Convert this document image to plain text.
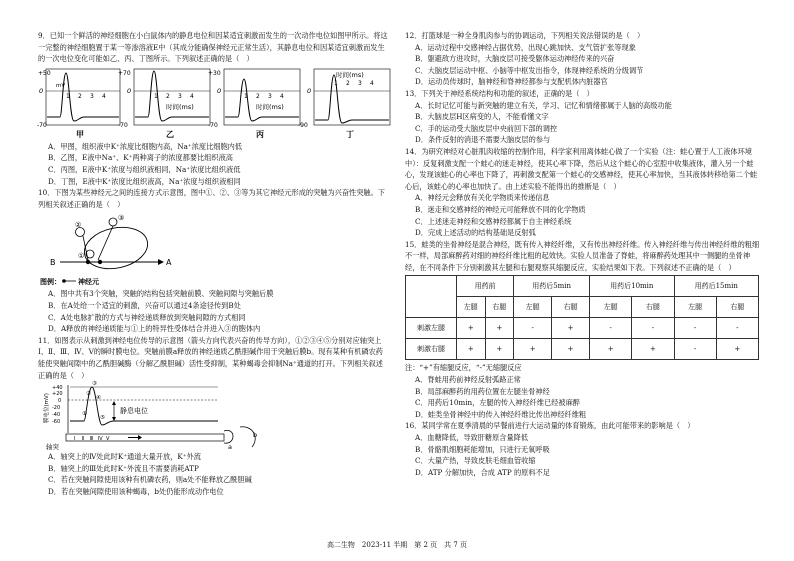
9．已知一个鲜活的神经细胞在小白鼠体内的静息电位和因某适宜刺激而发生的一次动作电位如图甲所示。将这一完整的神经细胞置于某一等渗溶液E中（其成分能确保神经元正常生活），其静息电位和因某适宜刺激而发生的一次电位变化可能如乙、丙、丁图所示。下列叙述正确的是（　）

+50
0
-70
mV
1 2 3 4
甲
+70
0
-70
1 2 3 4
时间(ms)
乙
+30
0
-70
1 2 3 4
时间(ms)
丙
0
-90
1 2 3 4
时间(ms)
丁

A．甲图，组织液中K⁺浓度比细胞内高，Na⁺浓度比细胞内低

B．乙图，E液中Na⁺、K⁺两种离子的浓度都要比组织液高

C．丙图，E液中K⁺浓度与组织液相同，Na⁺浓度比组织液低

D．丁图，E液中K⁺浓度比组织液高，Na⁺浓度与组织液相同

10．下图为某些神经元之间的连接方式示意图，图中①、②、③等为其它神经元形成的突触为兴奋性突触。下列相关叙述正确的是（　）

②
①
③
B	A
图例： 神经元

A．图中共有3个突触，突触的结构包括突触前膜、突触间隙与突触后膜

B．在A处给一个适宜的刺激，兴奋可以通过4条途径传到B处

C．A处电脉扩散的方式与神经递质释放到突触间隙的方式相同

D．A释放的神经递质能与①上的特异性受体结合并进入③的胞体内

11．如图表示从刺激到神经电位传导的示意图（箭头方向代表兴奋的传导方向），①②③④⑤分别对应轴突上Ⅰ、Ⅱ、Ⅲ、Ⅳ、V的瞬时膜电位。突触前膜a释放的神经递质乙酰胆碱作用于突触后膜b。现有某种有机磷农药能使突触间隙中的乙酰胆碱酶（分解乙酰胆碱）活性受抑制，某种蝎毒会抑制Na⁺通道的打开。下列相关叙述正确的是（　）

膜电位(mV)
+40
+20
0
-20
-40
-60
静息电位
①
②
③
④
⑤
Ⅰ Ⅱ Ⅲ Ⅳ V
轴突	a
b

A．轴突上的Ⅳ处此时K⁺通道大量开放，K⁺外流

B．轴突上的Ⅲ处此时K⁺外流且不需要消耗ATP

C．若在突触间隙使用该种有机磷农药，则a处不能释放乙酰胆碱

D．若在突触间隙使用该种蝎毒，b处仍能形成动作电位

12．打篮球是一种全身肌肉参与的协调运动，下列相关说法错误的是（　）

A．运动过程中交感神经占据优势，出现心跳加快、支气管扩张等现象

B．躯避敌方进攻时，大脑皮层可接受躯体运动神经传来的兴奋

C．大脑皮层运动中枢、小脑等中枢发出指令，体现神经系统的分级调节

D．运动员传球时，脑神经和脊神经都参与支配机体内脏器官

13．下列关于神经系统结构和功能的叙述，正确的是（　）

A．长时记忆可能与新突触的建立有关，学习、记忆和情绪都属于人脑的高级功能

B．大脑皮层H区病变的人，不能看懂文字

C．手的运动受大脑皮层中央前回下部的调控

D．条件反射的消退不需要大脑皮层的参与

14．为研究神经对心脏肌肉收缩的控制作用，科学家利用离体蛙心做了一个实验（注：蛙心置于人工液体环境中）：反复刺激支配一个蛙心的迷走神经，使其心率下降，然后从这个蛙心的心室腔中收集液体，灌入另一个蛙心，发现该蛙心的心率也下降了，再刺激支配第一个蛙心的交感神经，使其心率加快，当其液体转移给第二个蛙心后，该蛙心的心率也加快了。由上述实验不能得出的推断是（　）

A．神经元会释放有关化学物质来传递信息

B．迷走和交感神经的神经元可能释放不同的化学物质

C．上述迷走神经和交感神经都属于自主神经系统

D．完成上述活动的结构基础是反射弧

15．蛙类的坐骨神经是混合神经，既有传入神经纤维，又有传出神经纤维。传入神经纤维与传出神经纤维的粗细不一样，局部麻醉药对细的神经纤维比粗的起效快。实验人员准备了脊蛙，将麻醉药处理其中一侧腿的坐骨神经，在不同条件下分别刺激其左腿和右腿观察其缩腿反应，实验结果如下表。下列叙述不正确的是（　）

	用药前		用药后5min		用药后10min		用药后15min	
	左腿	右腿	左腿	右腿	左腿	右腿	左腿	右腿
刺激左腿	+	+	-	+	-	-	-	-
刺激右腿	+	+	+	+	+	+	-	+

注：“+”有缩腿反应，“-”无缩腿反应

A．脊蛙用药前神经反射弧路正常

B．局部麻醉药的用药位置在左腿坐骨神经

C．用药后10min，左腿的传入神经纤维已经被麻醉

D．蛙类坐骨神经中的传入神经纤维比传出神经纤维粗

16．某同学常在夏季清晨的早餐前进行大运动量的体育锻炼，由此可能带来的影响是（　）

A．血糖降低，导致肝糖原含量降低

B．骨骼肌细胞耗能增加，只进行无氧呼吸

C．大量产热，导致皮肤毛细血管收缩

D．ATP 分解加快，合成 ATP 的原料不足

高二生物　2023-11 半期　第 2 页　共 7 页
